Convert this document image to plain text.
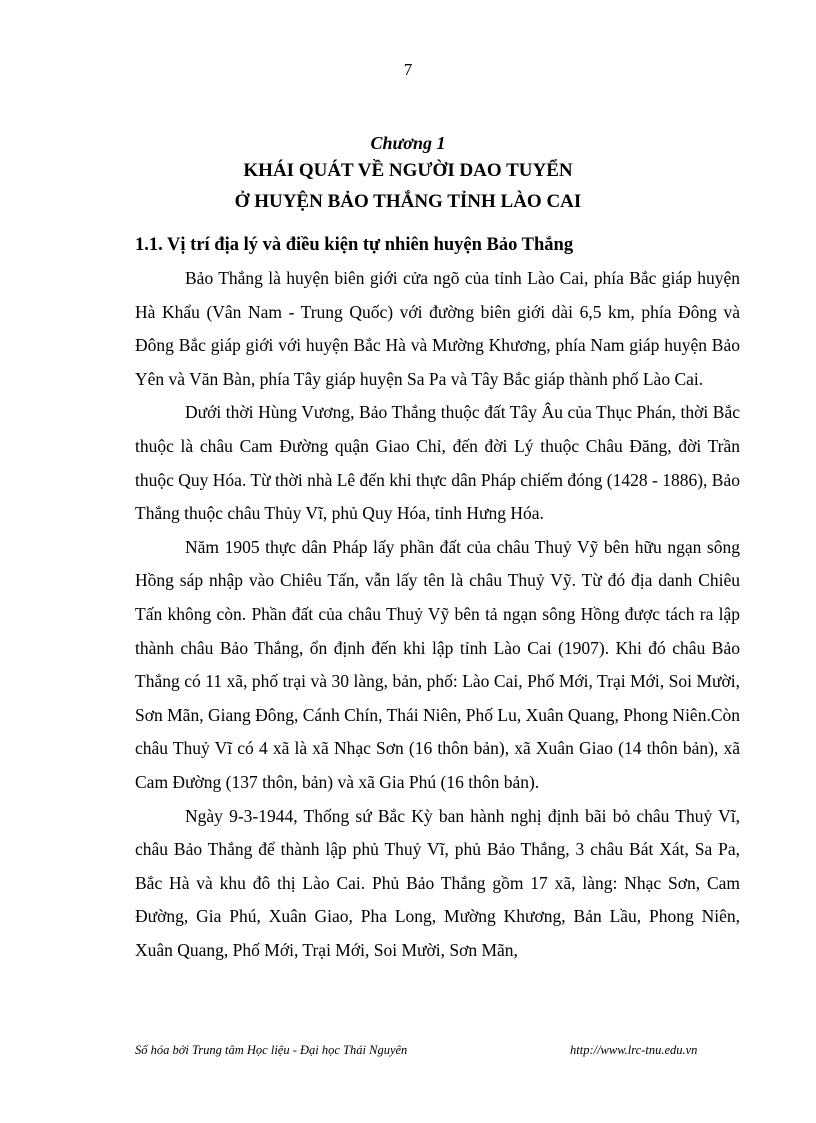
7
Chương 1
KHÁI QUÁT VỀ NGƯỜI DAO TUYỂN
Ở HUYỆN BẢO THẮNG TỈNH LÀO CAI
1.1. Vị trí địa lý và điều kiện tự nhiên huyện Bảo Thắng

Bảo Thắng là huyện biên giới cửa ngõ của tỉnh Lào Cai, phía Bắc giáp huyện Hà Khẩu (Vân Nam - Trung Quốc) với đường biên giới dài 6,5 km, phía Đông và Đông Bắc giáp giới với huyện Bắc Hà và Mường Khương, phía Nam giáp huyện Bảo Yên và Văn Bàn, phía Tây giáp huyện Sa Pa và Tây Bắc giáp thành phố Lào Cai.

Dưới thời Hùng Vương, Bảo Thắng thuộc đất Tây Âu của Thục Phán, thời Bắc thuộc là châu Cam Đường quận Giao Chỉ, đến đời Lý thuộc Châu Đăng, đời Trần thuộc Quy Hóa. Từ thời nhà Lê đến khi thực dân Pháp chiếm đóng (1428 - 1886), Bảo Thắng thuộc châu Thủy Vĩ, phủ Quy Hóa, tỉnh Hưng Hóa.

Năm 1905 thực dân Pháp lấy phần đất của châu Thuỷ Vỹ bên hữu ngạn sông Hồng sáp nhập vào Chiêu Tấn, vẫn lấy tên là châu Thuỷ Vỹ. Từ đó địa danh Chiêu Tấn không còn. Phần đất của châu Thuỷ Vỹ bên tả ngạn sông Hồng được tách ra lập thành châu Bảo Thắng, ổn định đến khi lập tỉnh Lào Cai (1907). Khi đó châu Bảo Thắng có 11 xã, phố trại và 30 làng, bản, phố: Lào Cai, Phố Mới, Trại Mới, Soi Mười, Sơn Mãn, Giang Đông, Cánh Chín, Thái Niên, Phố Lu, Xuân Quang, Phong Niên.Còn châu Thuỷ Vĩ có 4 xã là xã Nhạc Sơn (16 thôn bản), xã Xuân Giao (14 thôn bản), xã Cam Đường (137 thôn, bản) và xã Gia Phú (16 thôn bản).

Ngày 9-3-1944, Thống sứ Bắc Kỳ ban hành nghị định bãi bỏ châu Thuỷ Vĩ, châu Bảo Thắng để thành lập phủ Thuỷ Vĩ, phủ Bảo Thắng, 3 châu Bát Xát, Sa Pa, Bắc Hà và khu đô thị Lào Cai. Phủ Bảo Thắng gồm 17 xã, làng: Nhạc Sơn, Cam Đường, Gia Phú, Xuân Giao, Pha Long, Mường Khương, Bản Lầu, Phong Niên, Xuân Quang, Phố Mới, Trại Mới, Soi Mười, Sơn Mãn,

Số hóa bởi Trung tâm Học liệu - Đại học Thái Nguyên	http://www.lrc-tnu.edu.vn
